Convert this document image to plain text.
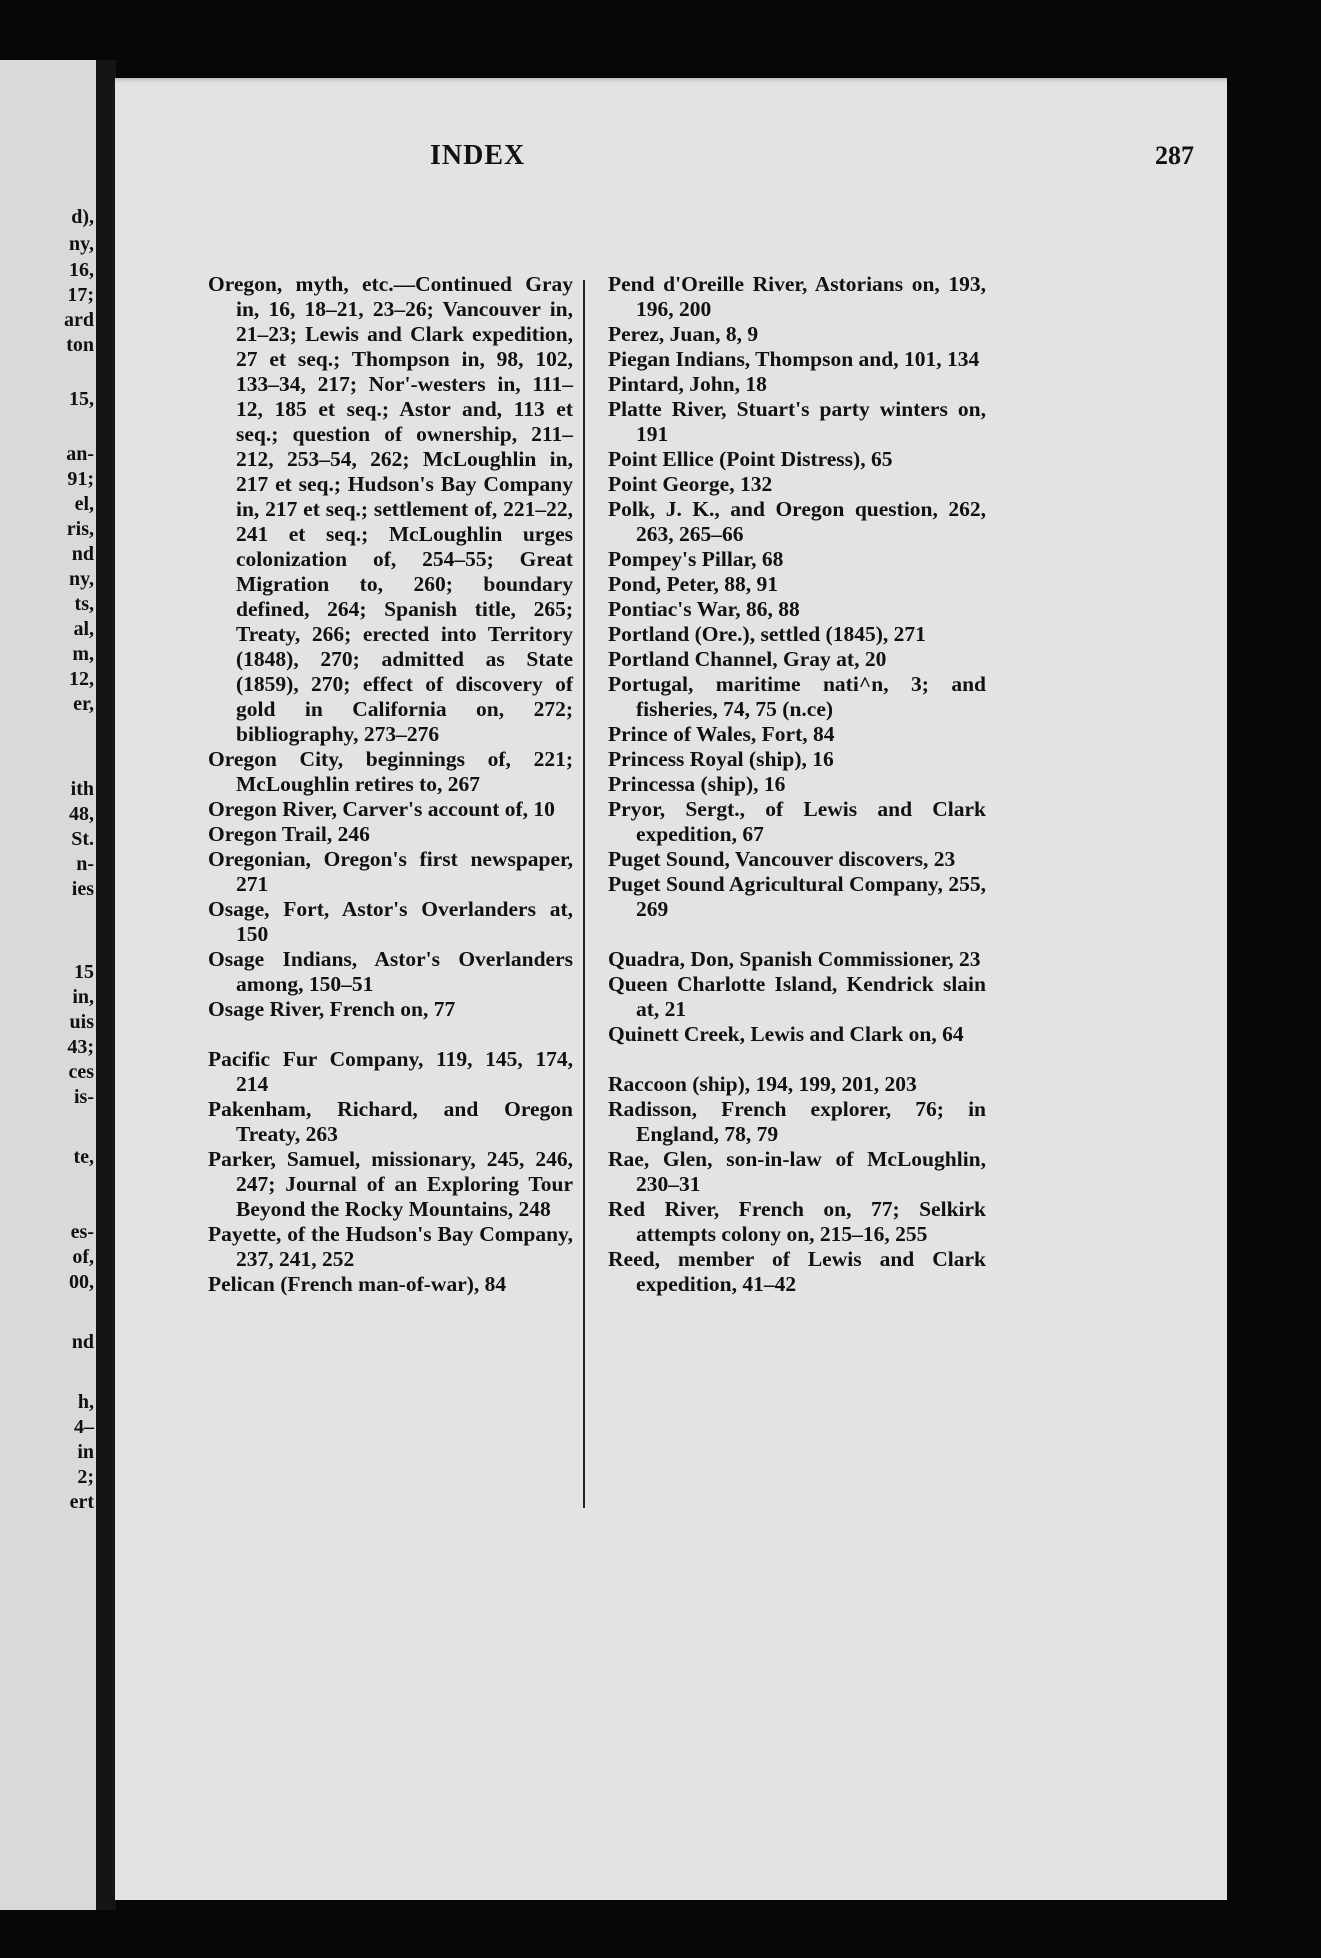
d),
ny,
16,
17;
ard
ton
15,
an-
91;
el,
ris,
nd
ny,
ts,
al,
m,
12,
er,
ith
48,
St.
n-
ies
15
in,
uis
43;
ces
is-
te,
es-
of,
00,
nd
h,
4–
in
2;
ert
INDEX	287
Oregon, myth, etc.—Continued Gray in, 16, 18–21, 23–26; Vancouver in, 21–23; Lewis and Clark expedition, 27 et seq.; Thompson in, 98, 102, 133–34, 217; Nor'-westers in, 111–12, 185 et seq.; Astor and, 113 et seq.; question of ownership, 211–212, 253–54, 262; McLoughlin in, 217 et seq.; Hudson's Bay Company in, 217 et seq.; settlement of, 221–22, 241 et seq.; McLoughlin urges colonization of, 254–55; Great Migration to, 260; boundary defined, 264; Spanish title, 265; Treaty, 266; erected into Territory (1848), 270; admitted as State (1859), 270; effect of discovery of gold in California on, 272; bibliography, 273–276
Oregon City, beginnings of, 221; McLoughlin retires to, 267
Oregon River, Carver's account of, 10
Oregon Trail, 246
Oregonian, Oregon's first newspaper, 271
Osage, Fort, Astor's Overlanders at, 150
Osage Indians, Astor's Overlanders among, 150–51
Osage River, French on, 77
Pacific Fur Company, 119, 145, 174, 214
Pakenham, Richard, and Oregon Treaty, 263
Parker, Samuel, missionary, 245, 246, 247; Journal of an Exploring Tour Beyond the Rocky Mountains, 248
Payette, of the Hudson's Bay Company, 237, 241, 252
Pelican (French man-of-war), 84
Pend d'Oreille River, Astorians on, 193, 196, 200
Perez, Juan, 8, 9
Piegan Indians, Thompson and, 101, 134
Pintard, John, 18
Platte River, Stuart's party winters on, 191
Point Ellice (Point Distress), 65
Point George, 132
Polk, J. K., and Oregon question, 262, 263, 265–66
Pompey's Pillar, 68
Pond, Peter, 88, 91
Pontiac's War, 86, 88
Portland (Ore.), settled (1845), 271
Portland Channel, Gray at, 20
Portugal, maritime nati^n, 3; and fisheries, 74, 75 (n.ce)
Prince of Wales, Fort, 84
Princess Royal (ship), 16
Princessa (ship), 16
Pryor, Sergt., of Lewis and Clark expedition, 67
Puget Sound, Vancouver discovers, 23
Puget Sound Agricultural Company, 255, 269
Quadra, Don, Spanish Commissioner, 23
Queen Charlotte Island, Kendrick slain at, 21
Quinett Creek, Lewis and Clark on, 64
Raccoon (ship), 194, 199, 201, 203
Radisson, French explorer, 76; in England, 78, 79
Rae, Glen, son-in-law of McLoughlin, 230–31
Red River, French on, 77; Selkirk attempts colony on, 215–16, 255
Reed, member of Lewis and Clark expedition, 41–42
